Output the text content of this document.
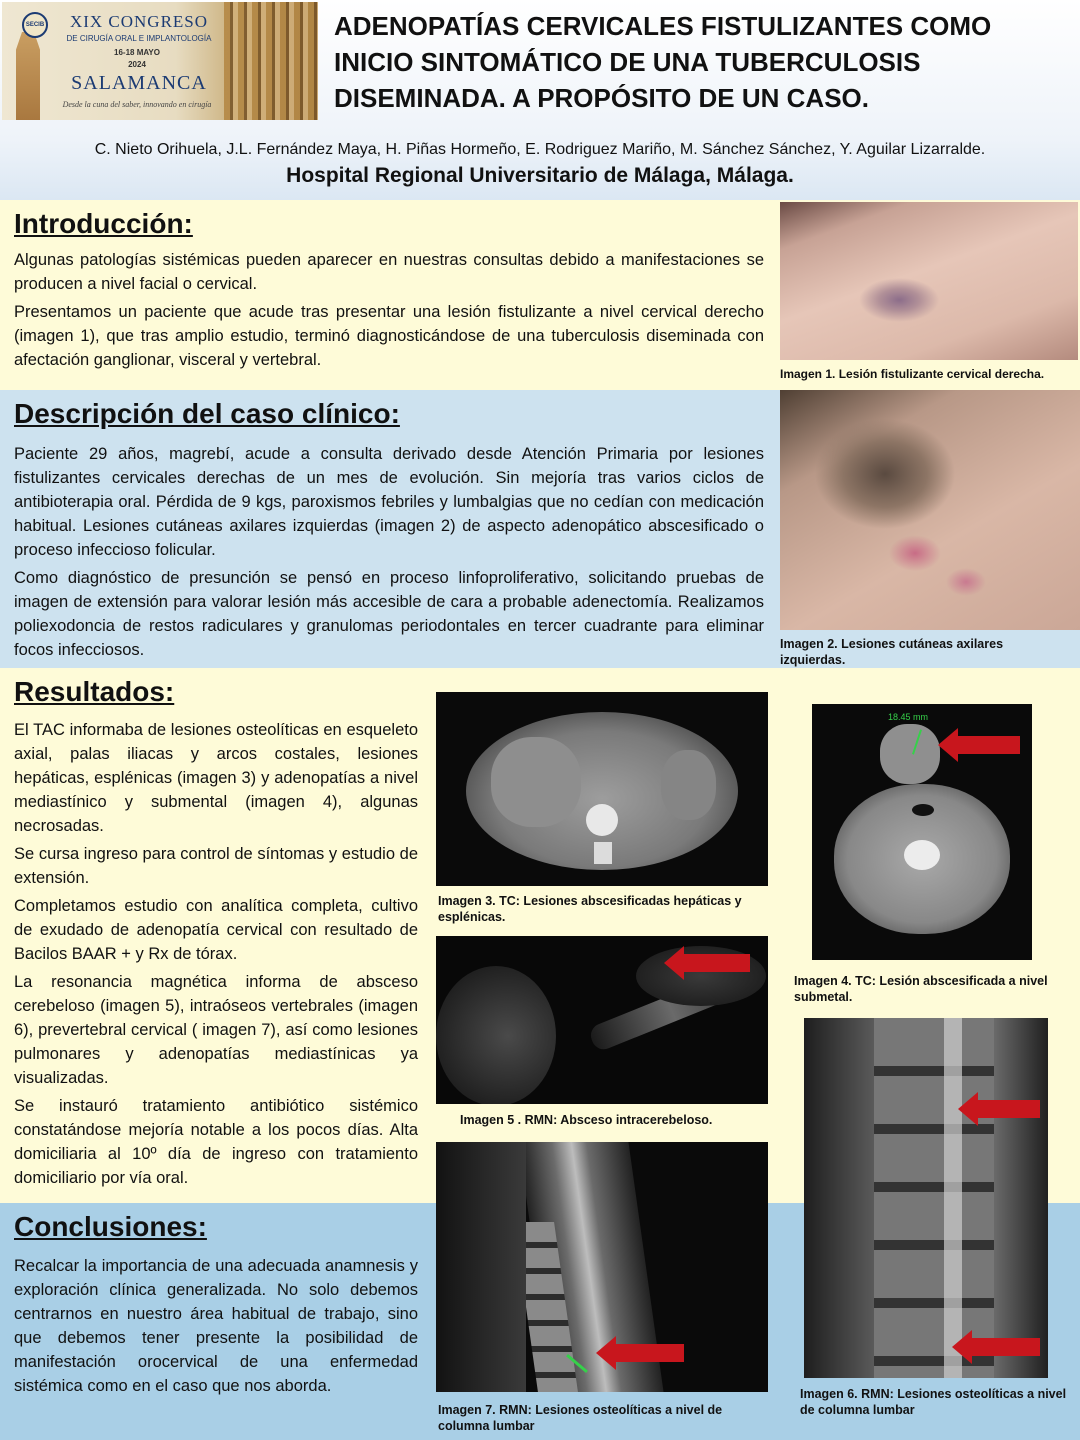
SECIB	XIX CONGRESO
DE CIRUGÍA ORAL E IMPLANTOLOGÍA
16-18 MAYO
2024
SALAMANCA
Desde la cuna del saber, innovando en cirugía
ADENOPATÍAS CERVICALES FISTULIZANTES COMO INICIO SINTOMÁTICO DE UNA TUBERCULOSIS DISEMINADA. A PROPÓSITO DE UN CASO.
C. Nieto Orihuela, J.L. Fernández Maya, H. Piñas Hormeño, E. Rodriguez Mariño, M. Sánchez Sánchez, Y. Aguilar Lizarralde.
Hospital Regional Universitario de Málaga, Málaga.
Introducción:

Algunas patologías sistémicas pueden aparecer en nuestras consultas debido a manifestaciones se producen a nivel facial o cervical.

Presentamos un paciente que acude tras presentar una lesión fistulizante a nivel cervical derecho (imagen 1), que tras amplio estudio, terminó diagnosticándose de una tuberculosis diseminada con afectación ganglionar, visceral y vertebral.

Imagen 1. Lesión fistulizante cervical derecha.
Descripción del caso clínico:

Paciente 29 años, magrebí, acude a consulta derivado desde Atención Primaria por lesiones fistulizantes cervicales derechas de un mes de evolución. Sin mejoría tras varios ciclos de antibioterapia oral. Pérdida de 9 kgs, paroxismos febriles y lumbalgias que no cedían con medicación habitual. Lesiones cutáneas axilares izquierdas (imagen 2) de aspecto adenopático abscesificado o proceso infeccioso folicular.

Como diagnóstico de presunción se pensó en proceso linfoproliferativo, solicitando pruebas de imagen de extensión para valorar lesión más accesible de cara a probable adenectomía. Realizamos poliexodoncia de restos radiculares y granulomas periodontales en tercer cuadrante para eliminar focos infecciosos.	Imagen 2. Lesiones cutáneas axilares izquierdas.
Resultados:

El TAC informaba de lesiones osteolíticas en esqueleto axial, palas iliacas y arcos costales, lesiones hepáticas, esplénicas (imagen 3) y adenopatías a nivel mediastínico y submental (imagen 4), algunas necrosadas.

Se cursa ingreso para control de síntomas y estudio de extensión.

Completamos estudio con analítica completa, cultivo de exudado de adenopatía cervical con resultado de Bacilos BAAR + y Rx de tórax.

La resonancia magnética informa de absceso cerebeloso (imagen 5), intraóseos vertebrales (imagen 6), prevertebral cervical ( imagen 7), así como lesiones pulmonares y adenopatías mediastínicas ya visualizadas.

Se instauró tratamiento antibiótico sistémico constatándose mejoría notable a los pocos días. Alta domiciliaria al 10º día de ingreso con tratamiento domiciliario por vía oral.

Conclusiones:

Recalcar la importancia de una adecuada anamnesis y exploración clínica generalizada. No solo debemos centrarnos en nuestro área habitual de trabajo, sino que debemos tener presente la posibilidad de manifestación orocervical de una enfermedad sistémica como en el caso que nos aborda.

Imagen 3. TC: Lesiones abscesificadas hepáticas y esplénicas.
18.45 mm
Imagen 4. TC: Lesión abscesificada a nivel submetal.
Imagen 5 . RMN: Absceso intracerebeloso.
Imagen 6. RMN: Lesiones osteolíticas a nivel de columna lumbar
Imagen 7. RMN: Lesiones osteolíticas a nivel de columna lumbar
